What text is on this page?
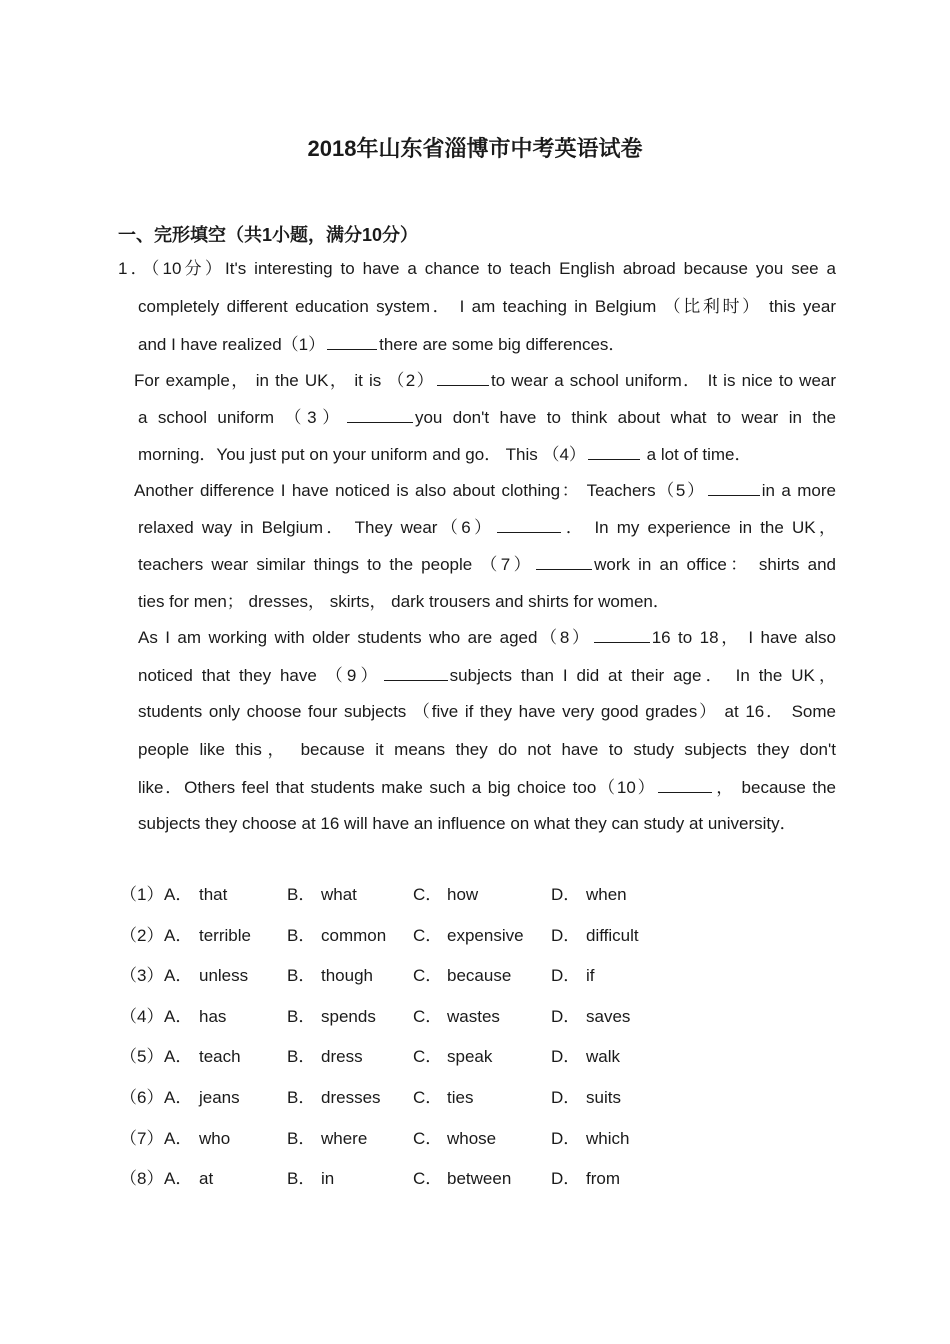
2018年山东省淄博市中考英语试卷
一、完形填空（共1小题，满分10分）
1．（10分）It's interesting to have a chance to teach English abroad because you see a
completely different education system． I am teaching in Belgium （比利时） this year
and I have realized（1）	there are some big differences．
For example， in the UK， it is （2）	to wear a school uniform． It is nice to wear
a school uniform （3）	you don't have to think about what to wear in the
morning．You just put on your uniform and go． This （4）	a lot of time．
Another difference I have noticed is also about clothing： Teachers（5）	in a more
relaxed way in Belgium． They wear（6）	． In my experience in the UK，
teachers wear similar things to the people （7）	work in an office： shirts and
ties for men； dresses， skirts， dark trousers and shirts for women．
As I am working with older students who are aged（8）	16 to 18， I have also
noticed that they have （9）	subjects than I did at their age． In the UK，
students only choose four subjects （five if they have very good grades） at 16． Some
people like this， because it means they do not have to study subjects they don't
like．Others feel that students make such a big choice too（10）	， because the
subjects they choose at 16 will have an influence on what they can study at university．
（1） A． that	B． what	C． how	D． when
（2） A． terrible B． common C． expensive D． difficult
（3） A． unless B． though C． because D． if
（4） A． has	B． spends C． wastes	D． saves
（5） A． teach	B． dress	C． speak	D． walk
（6） A． jeans	B． dresses C． ties	D． suits
（7） A． who	B． where	C． whose	D． which
（8） A． at	B． in	C． between D． from
